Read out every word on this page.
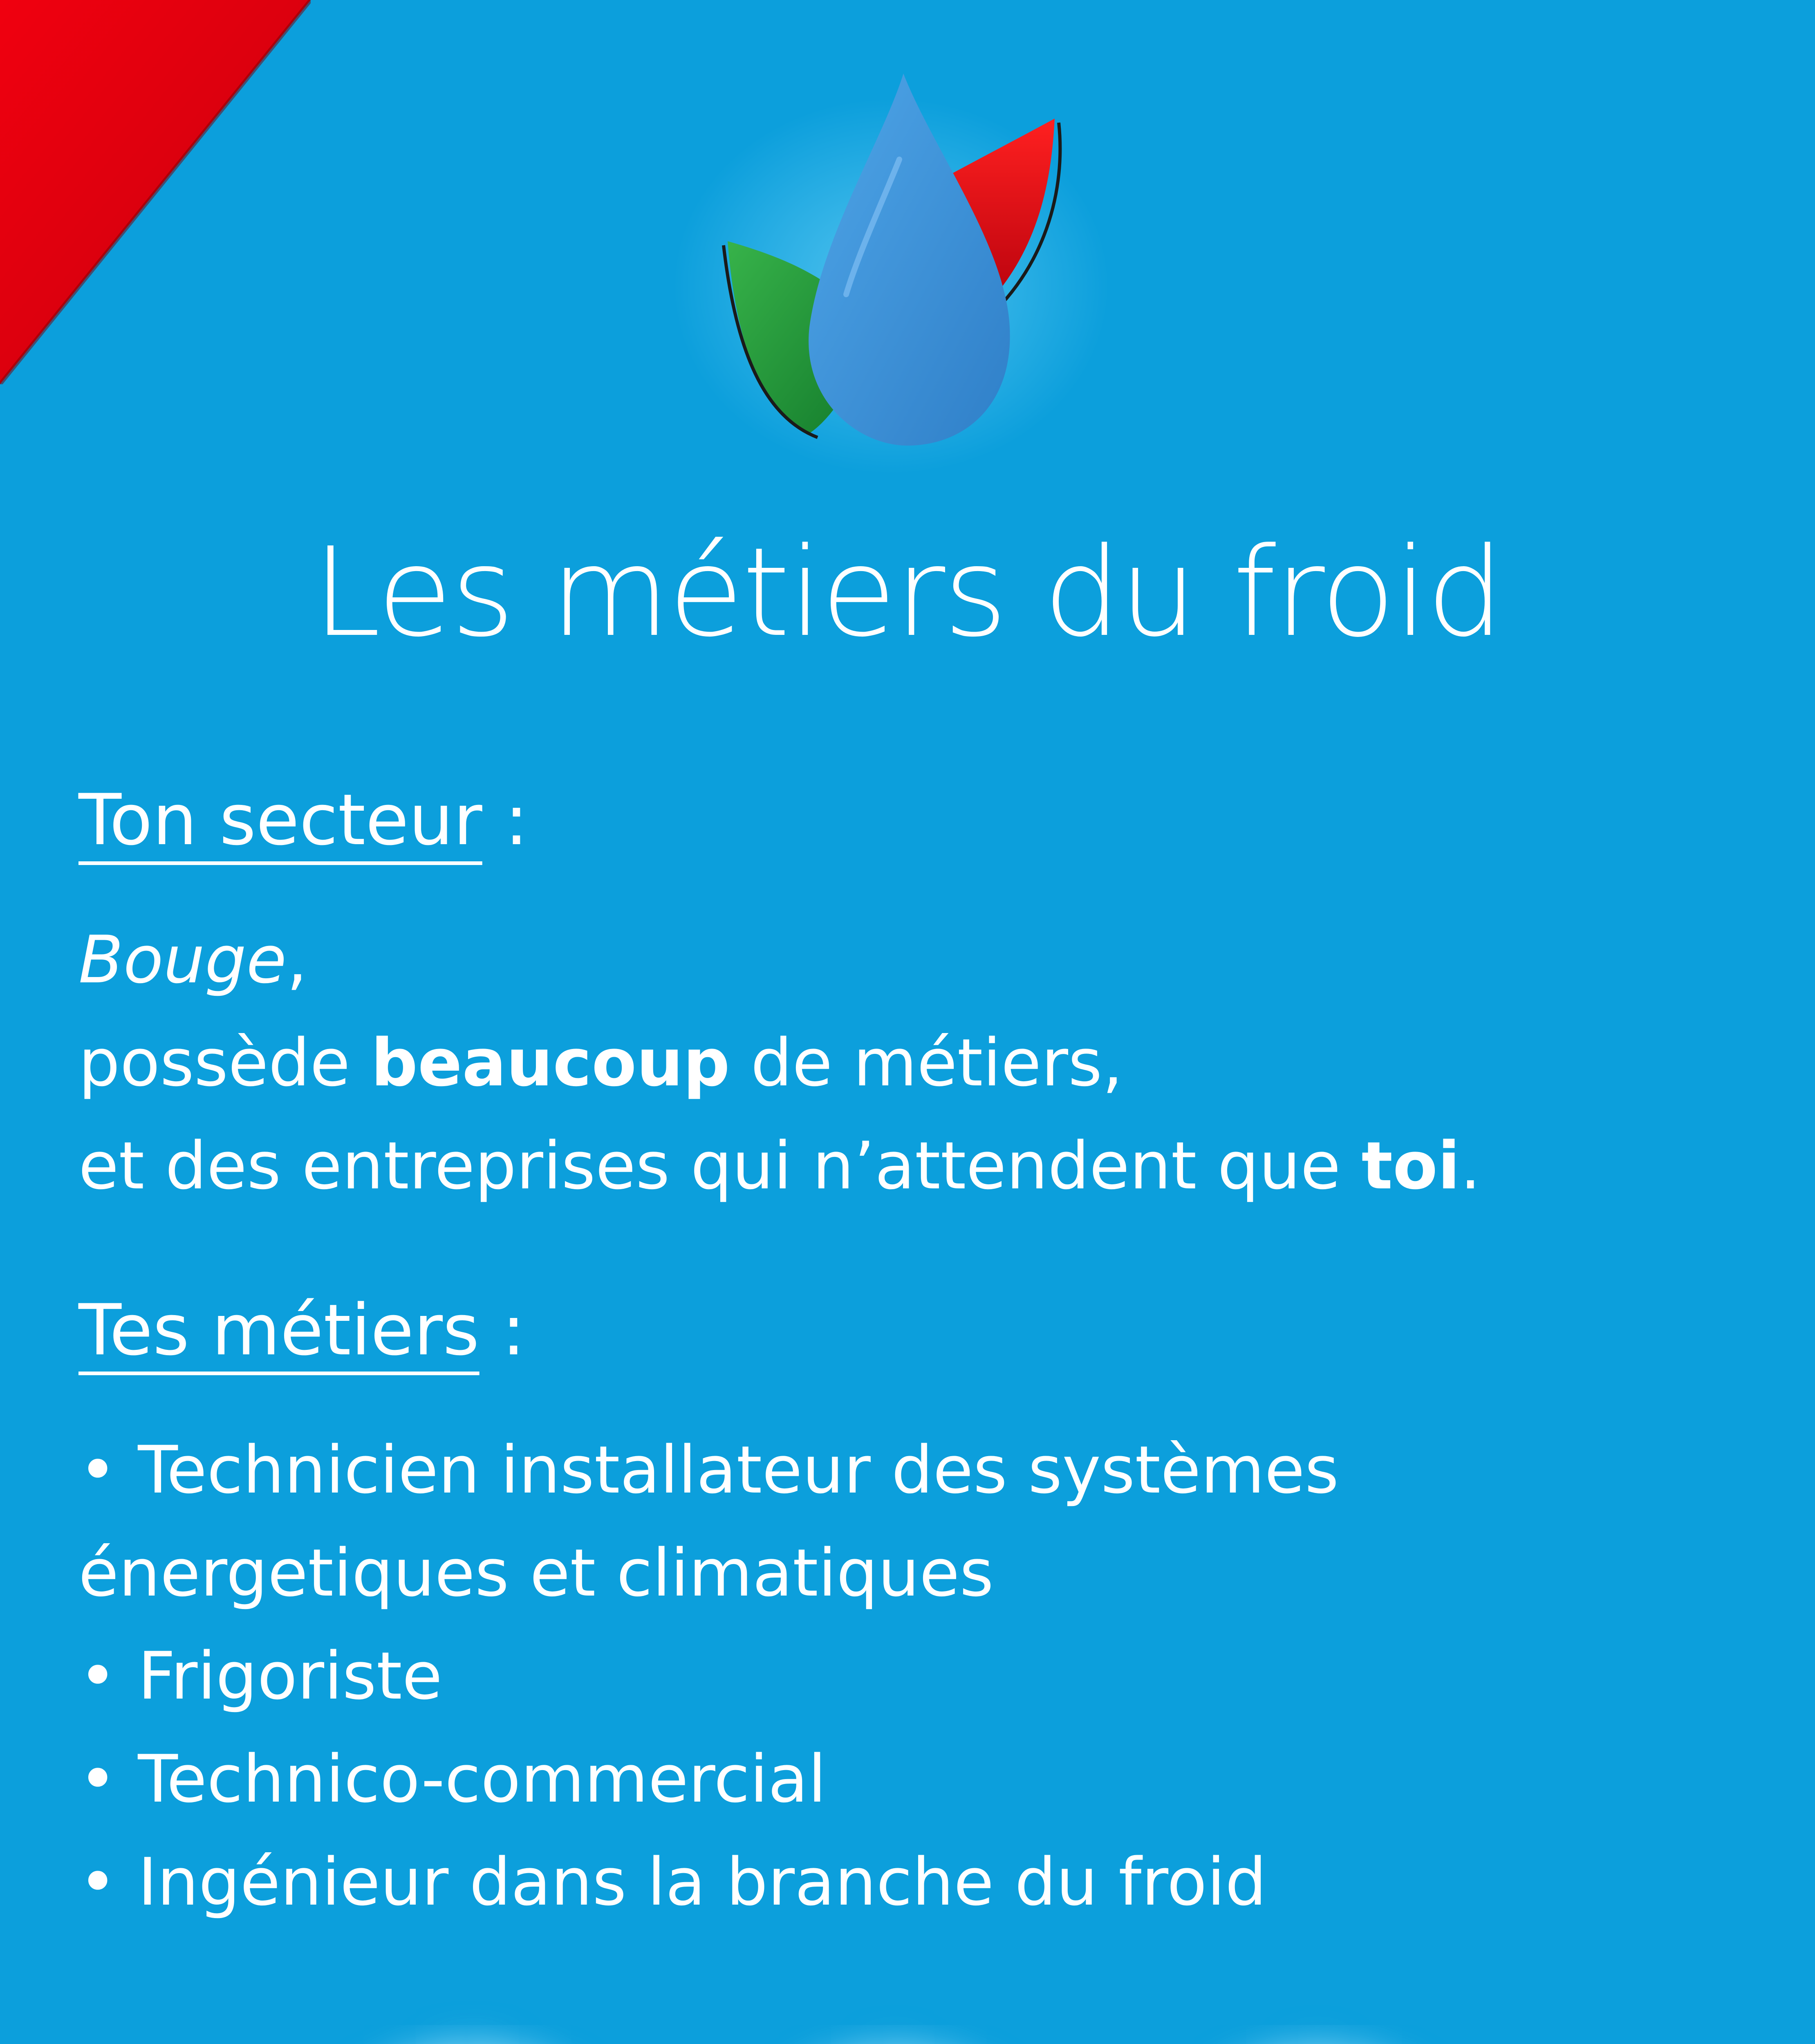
Les métiers du froid
Ton secteur :

Bouge,

possède beaucoup de métiers,

et des entreprises qui n’attendent que toi.

Tes métiers :

• Technicien installateur des systèmes

énergetiques et climatiques

• Frigoriste

• Technico-commercial

• Ingénieur dans la branche du froid
